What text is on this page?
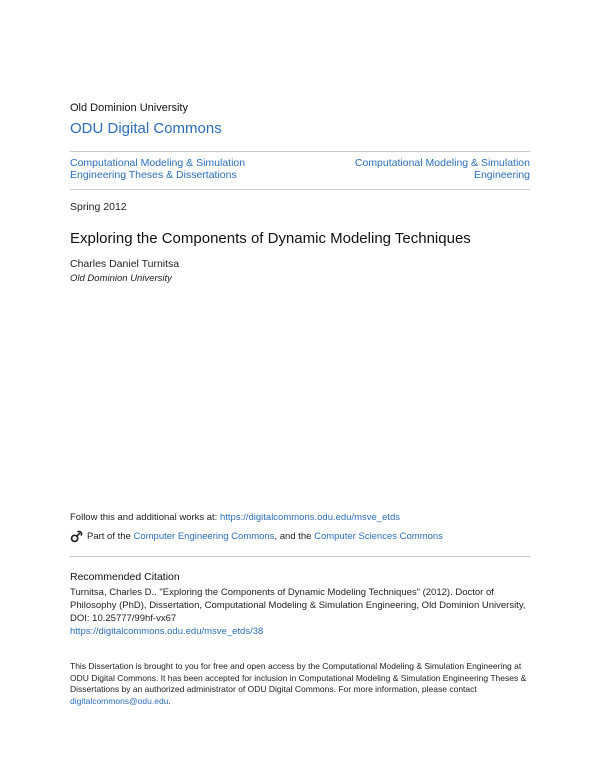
Old Dominion University
ODU Digital Commons
Computational Modeling & Simulation Engineering Theses & Dissertations
Computational Modeling & Simulation Engineering
Spring 2012
Exploring the Components of Dynamic Modeling Techniques
Charles Daniel Turnitsa
Old Dominion University
Follow this and additional works at: https://digitalcommons.odu.edu/msve_etds
Part of the
Computer Engineering Commons , and the
Computer Sciences Commons
Recommended Citation
Turnitsa, Charles D.. "Exploring the Components of Dynamic Modeling Techniques" (2012). Doctor of Philosophy (PhD), Dissertation, Computational Modeling & Simulation Engineering, Old Dominion University, DOI: 10.25777/99hf-vx67
https://digitalcommons.odu.edu/msve_etds/38
This Dissertation is brought to you for free and open access by the Computational Modeling & Simulation Engineering at ODU Digital Commons. It has been accepted for inclusion in Computational Modeling & Simulation Engineering Theses & Dissertations by an authorized administrator of ODU Digital Commons. For more information, please contact digitalcommons@odu.edu.
